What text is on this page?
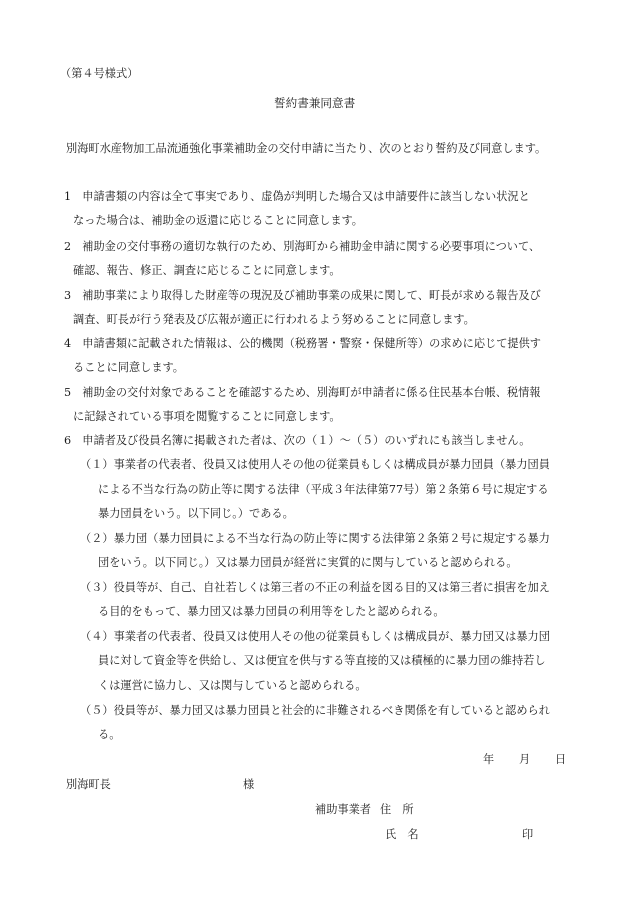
（第４号様式）
誓約書兼同意書
別海町水産物加工品流通強化事業補助金の交付申請に当たり、次のとおり誓約及び同意します。
1　申請書類の内容は全て事実であり、虚偽が判明した場合又は申請要件に該当しない状況と
なった場合は、補助金の返還に応じることに同意します。
2　補助金の交付事務の適切な執行のため、別海町から補助金申請に関する必要事項について、
確認、報告、修正、調査に応じることに同意します。
3　補助事業により取得した財産等の現況及び補助事業の成果に関して、町長が求める報告及び
調査、町長が行う発表及び広報が適正に行われるよう努めることに同意します。
4　申請書類に記載された情報は、公的機関（税務署・警察・保健所等）の求めに応じて提供す
ることに同意します。
5　補助金の交付対象であることを確認するため、別海町が申請者に係る住民基本台帳、税情報
に記録されている事項を閲覧することに同意します。
6　申請者及び役員名簿に掲載された者は、次の（１）～（５）のいずれにも該当しません。
（１）事業者の代表者、役員又は使用人その他の従業員もしくは構成員が暴力団員（暴力団員
による不当な行為の防止等に関する法律（平成３年法律第77号）第２条第６号に規定する
暴力団員をいう。以下同じ。）である。
（２）暴力団（暴力団員による不当な行為の防止等に関する法律第２条第２号に規定する暴力
団をいう。以下同じ。）又は暴力団員が経営に実質的に関与していると認められる。
（３）役員等が、自己、自社若しくは第三者の不正の利益を図る目的又は第三者に損害を加え
る目的をもって、暴力団又は暴力団員の利用等をしたと認められる。
（４）事業者の代表者、役員又は使用人その他の従業員もしくは構成員が、暴力団又は暴力団
員に対して資金等を供給し、又は便宜を供与する等直接的又は積極的に暴力団の維持若し
くは運営に協力し、又は関与していると認められる。
（５）役員等が、暴力団又は暴力団員と社会的に非難されるべき関係を有していると認められ
る。
年 月 日
別海町長	様
補助事業者 住　所
氏　名	印
